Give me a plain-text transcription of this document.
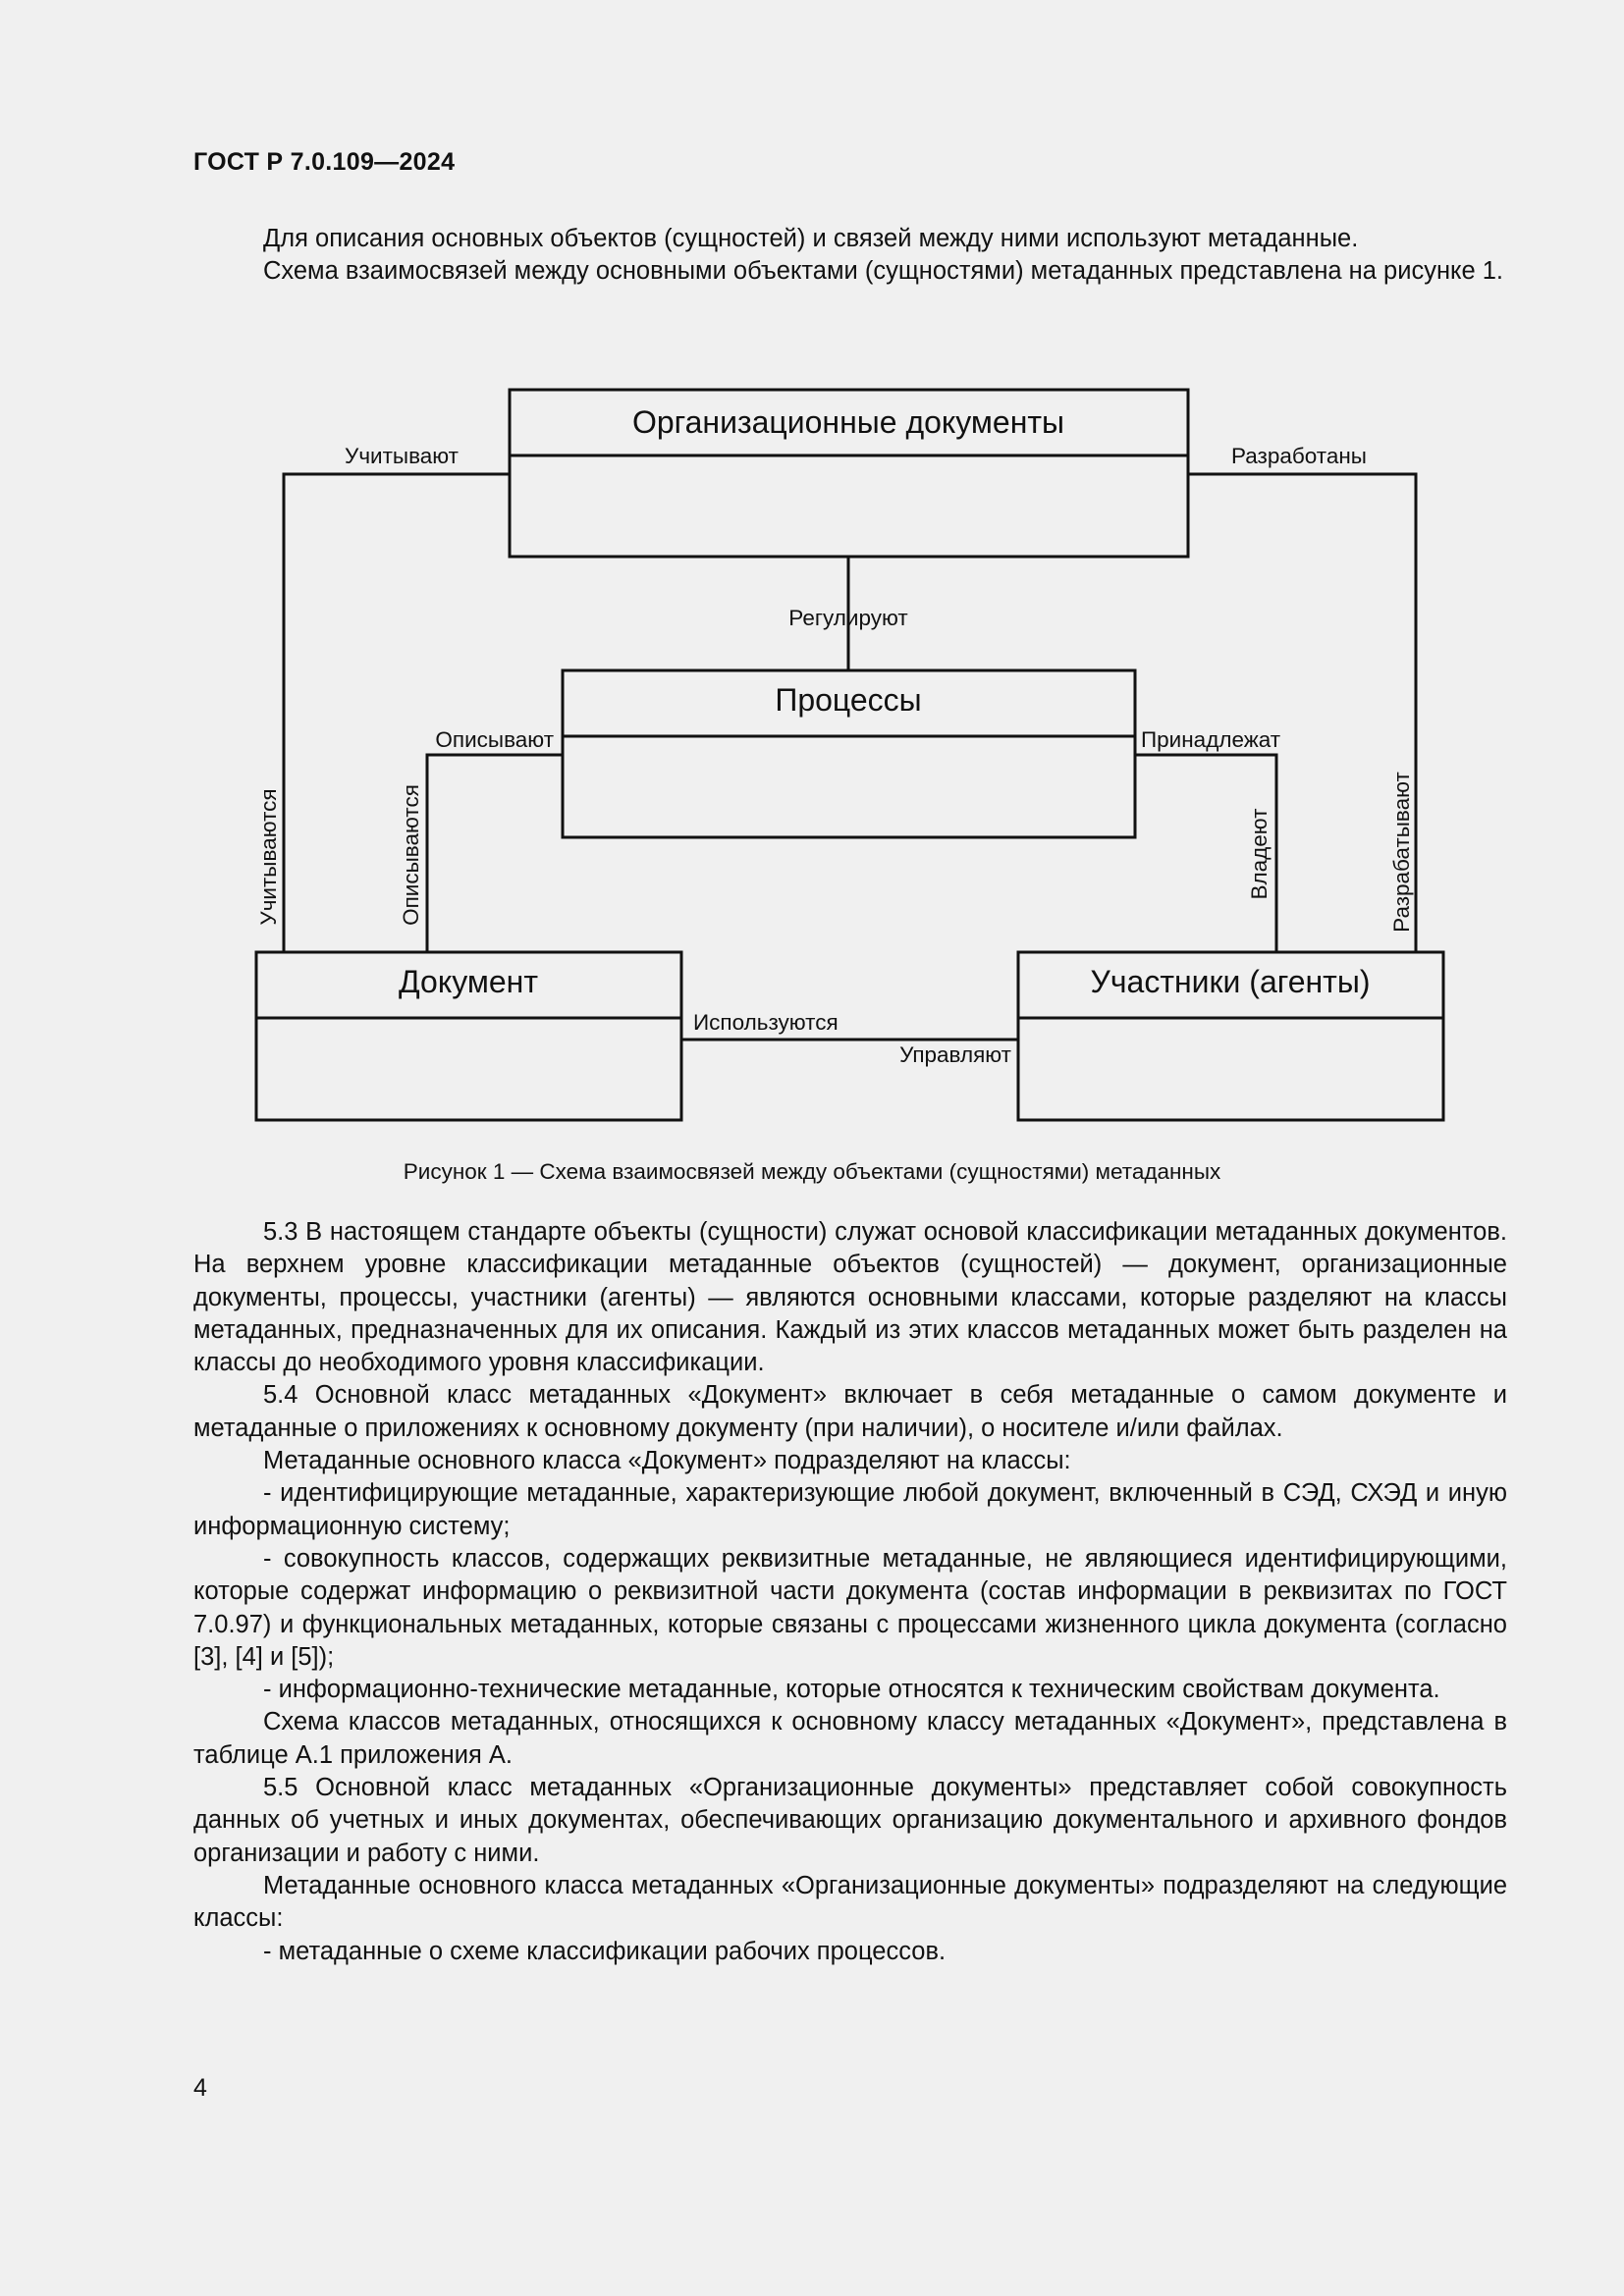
ГОСТ Р 7.0.109—2024

Для описания основных объектов (сущностей) и связей между ними используют метаданные.

Схема взаимосвязей между основными объектами (сущностями) метаданных представлена на рисунке 1.

Организационные документы
Процессы
Документ	Участники (агенты)
Учитывают	Разработаны
Регулируют
Описывают	Принадлежат
Используются
Управляют
Учитываются	Описываются	Владеют	Разрабатывают
Рисунок 1 — Схема взаимосвязей между объектами (сущностями) метаданных

5.3 В настоящем стандарте объекты (сущности) служат основой классификации метаданных документов. На верхнем уровне классификации метаданные объектов (сущностей) — документ, организационные документы, процессы, участники (агенты) — являются основными классами, которые разделяют на классы метаданных, предназначенных для их описания. Каждый из этих классов метаданных может быть разделен на классы до необходимого уровня классификации.

5.4 Основной класс метаданных «Документ» включает в себя метаданные о самом документе и метаданные о приложениях к основному документу (при наличии), о носителе и/или файлах.

Метаданные основного класса «Документ» подразделяют на классы:

- идентифицирующие метаданные, характеризующие любой документ, включенный в СЭД, СХЭД и иную информационную систему;

- совокупность классов, содержащих реквизитные метаданные, не являющиеся идентифицирующими, которые содержат информацию о реквизитной части документа (состав информации в реквизитах по ГОСТ 7.0.97) и функциональных метаданных, которые связаны с процессами жизненного цикла документа (согласно [3], [4] и [5]);

- информационно-технические метаданные, которые относятся к техническим свойствам документа.

Схема классов метаданных, относящихся к основному классу метаданных «Документ», представлена в таблице А.1 приложения А.

5.5 Основной класс метаданных «Организационные документы» представляет собой совокупность данных об учетных и иных документах, обеспечивающих организацию документального и архивного фондов организации и работу с ними.

Метаданные основного класса метаданных «Организационные документы» подразделяют на следующие классы:

- метаданные о схеме классификации рабочих процессов.

4
